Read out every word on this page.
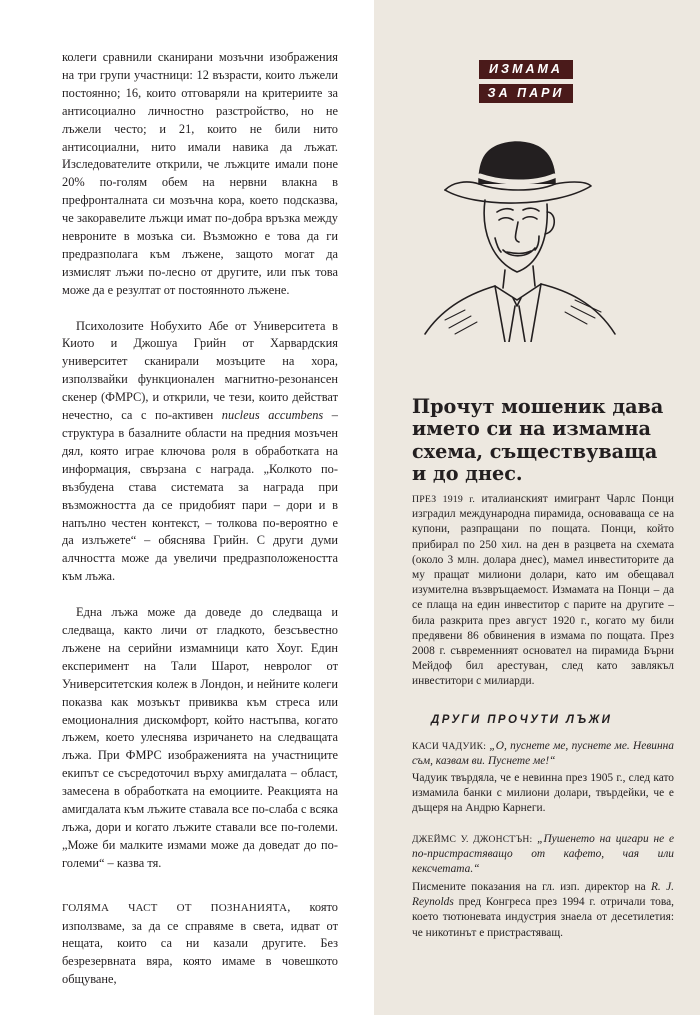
колеги сравнили сканирани мозъчни изображения на три групи участници: 12 възрасти, които лъжели постоянно; 16, които отговаряли на критериите за антисоциално личностно разстройство, но не лъжели често; и 21, които не били нито антисоциални, нито имали навика да лъжат. Изследователите открили, че лъжците имали поне 20% по-голям обем на нервни влакна в префронталната си мозъчна кора, което подсказва, че закоравелите лъжци имат по-добра връзка между невроните в мозъка си. Възможно е това да ги предразполага към лъжене, защото могат да измислят лъжи по-лесно от другите, или пък това може да е резултат от постоянното лъжене.

Психолозите Нобухито Абе от Университета в Киото и Джошуа Грийн от Харвардския университет сканирали мозъците на хора, използвайки функционален магнитно-резонансен скенер (ФМРС), и открили, че тези, които действат нечестно, са с по-активен nucleus accumbens – структура в базалните области на предния мозъчен дял, която играе ключова роля в обработката на информация, свързана с награда. „Колкото по-възбудена става системата за награда при възможността да се придобият пари – дори и в напълно честен контекст, – толкова по-вероятно е да излъжете“ – обяснява Грийн. С други думи алчността може да увеличи предразположеността към лъжа.

Една лъжа може да доведе до следваща и следваща, както личи от гладкото, безсъвестно лъжене на серийни измамници като Хоуг. Един експеримент на Тали Шарот, невролог от Университетския колеж в Лондон, и нейните колеги показва как мозъкът привиква към стреса или емоционалния дискомфорт, който настъпва, когато лъжем, което улеснява изричането на следващата лъжа. При ФМРС изображенията на участниците екипът се съсредоточил върху амигдалата – област, замесена в обработката на емоциите. Реакцията на амигдалата към лъжите ставала все по-слаба с всяка лъжа, дори и когато лъжите ставали все по-големи. „Може би малките измами може да доведат до по-големи“ – казва тя.

ГОЛЯМА ЧАСТ ОТ ПОЗНАНИЯТА, която използваме, за да се справяме в света, идват от нещата, които са ни казали другите. Без безрезервната вяра, която имаме в човешкото общуване,

ИЗМАМА
ЗА ПАРИ
Прочут мошеник дава името си на измамна схема, съществуваща и до днес.
ПРЕЗ 1919 г. италианският имигрант Чарлс Понци изградил международна пирамида, основаваща се на купони, разпращани по пощата. Понци, който прибирал по 250 хил. на ден в разцвета на схемата (около 3 млн. долара днес), мамел инвеститорите да му пращат милиони долари, като им обещавал изумителна възвръщаемост. Измамата на Понци – да се плаща на един инвеститор с парите на другите – била разкрита през август 1920 г., когато му били предявени 86 обвинения в измама по пощата. През 2008 г. съвременният основател на пирамида Бърни Мейдоф бил арестуван, след като завлякъл инвеститори с милиарди.
ДРУГИ ПРОЧУТИ ЛЪЖИ
КАСИ ЧАДУИК: „О, пуснете ме, пуснете ме. Невинна съм, казвам ви. Пуснете ме!“
Чадуик твърдяла, че е невинна през 1905 г., след като измамила банки с милиони долари, твърдейки, че е дъщеря на Андрю Карнеги.
ДЖЕЙМС У. ДЖОНСТЪН: „Пушенето на цигари не е по-пристрастяващо от кафето, чая или кексчетата.“
Писмените показания на гл. изп. директор на R. J. Reynolds пред Конгреса през 1994 г. отричали това, което тютюневата индустрия знаела от десетилетия: че никотинът е пристрастяващ.
